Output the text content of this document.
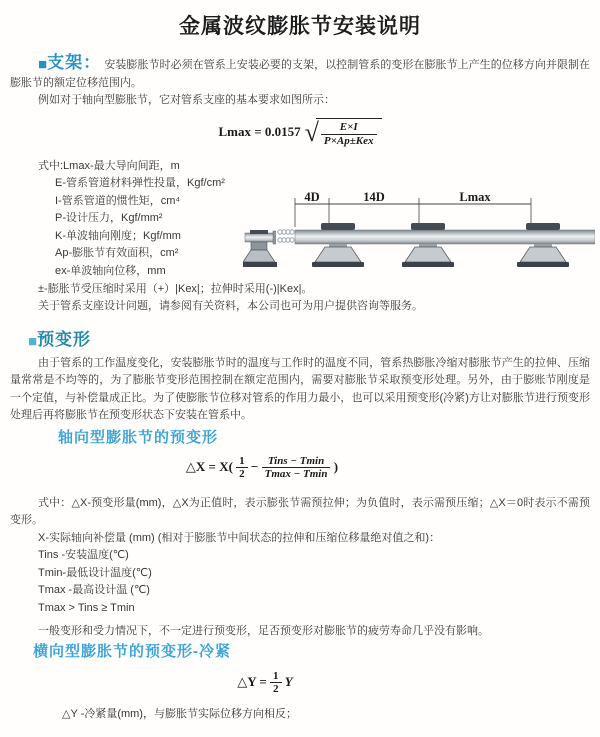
金属波纹膨胀节安装说明

■支架： 安装膨胀节时必须在管系上安装必要的支架，以控制管系的变形在膨胀节上产生的位移方向并限制在膨胀节的额定位移范围内。

例如对于轴向型膨胀节，它对管系支座的基本要求如图所示：

Lmax = 0.0157 √ $\frac{E\times I}{\text{P×Ap±Kex}}$
式中:Lmax-最大导向间距，m
E-管系管道材料弹性投量，Kgf/cm²
I-管系管道的惯性矩，cm⁴
P-设计压力，Kgf/mm²
K-单波轴向刚度；Kgf/mm
Ap-膨胀节有效面积，cm²
ex-单波轴向位移，mm

±-膨胀节受压缩时采用（+）|Kex|；拉伸时采用(-)|Kex|。

关于管系支座设计问题，请参阅有关资料，本公司也可为用户提供咨询等服务。

4D	14D	Lmax
■预变形

由于管系的工作温度变化，安装膨胀节时的温度与工作时的温度不同，管系热膨胀冷缩对膨胀节产生的拉伸、压缩量常常是不均等的，为了膨胀节变形范围控制在额定范围内，需要对膨胀节采取预变形处理。另外，由于膨账节刚度是一个定值，与补偿量成正比。为了使膨胀节位移对管系的作用力最小，也可以采用预变形(冷紧)方让对膨胀节进行预变形处理后再将膨胀节在预变形状态下安装在管系中。

轴向型膨胀节的预变形
△X = $X( \frac{1}{2} - \frac{\text{Tins − Tmin}}{Tmax - Tmin}$ )

式中：△X-预变形量(mm)，△X为正值时，表示膨张节需预拉伸；为负值时，表示需预压缩；△X＝0时表示不需预变形。

X-实际轴向补偿量 (mm) (相对于膨胀节中间状态的拉伸和压缩位移量绝对值之和)：

Tins -安装温度(℃)
Tmin-最低设计温度(℃)
Tmax -最高设计温 (℃)
Tmax > Tins ≥ Tmin

一般变形和受力情况下，不一定进行预变形，足否预变形对膨胀节的疲劳寿命几乎没有影响。

横向型膨胀节的预变形-冷紧
△Y = $\frac{1}{2}$ Y

△Y -冷紧量(mm)，与膨胀节实际位移方向相反；
